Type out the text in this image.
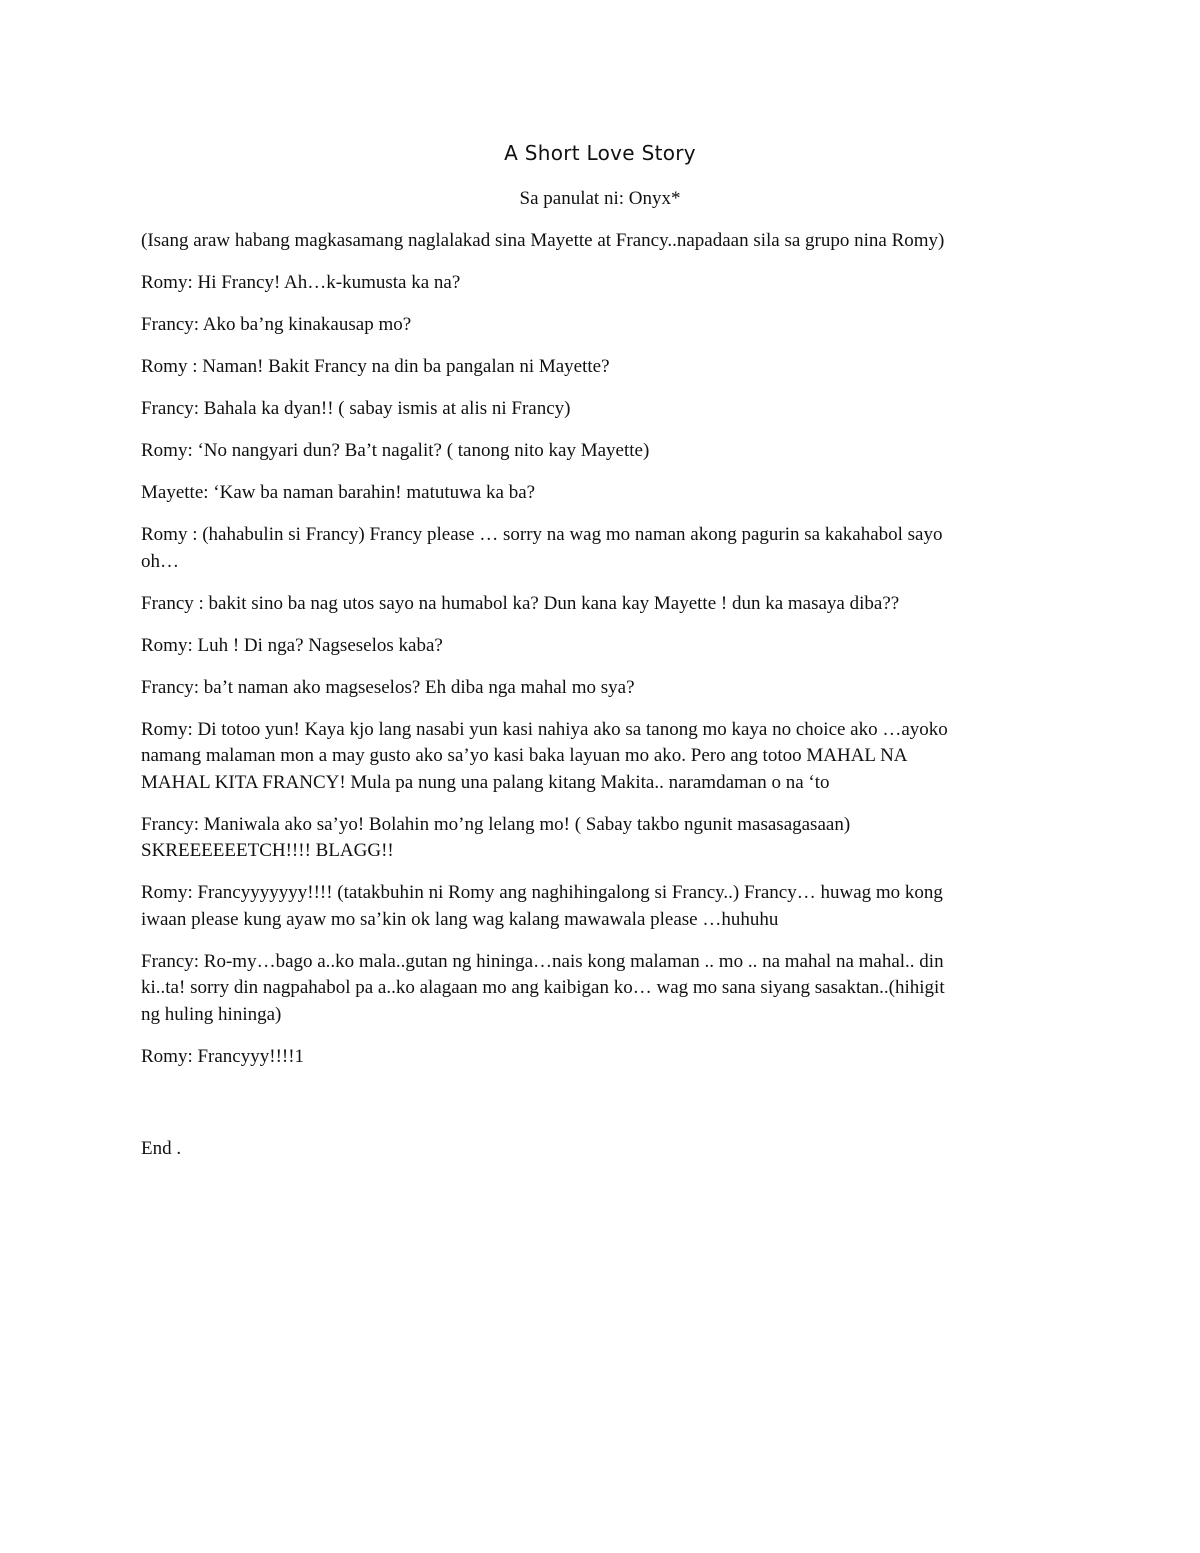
A Short Love Story

Sa panulat ni: Onyx*

(Isang araw habang magkasamang naglalakad sina Mayette at Francy..napadaan sila sa grupo nina Romy)

Romy: Hi Francy! Ah…k-kumusta ka na?

Francy: Ako ba’ng kinakausap mo?

Romy : Naman! Bakit Francy na din ba pangalan ni Mayette?

Francy: Bahala ka dyan!! ( sabay ismis at alis ni Francy)

Romy: ‘No nangyari dun? Ba’t nagalit? ( tanong nito kay Mayette)

Mayette: ‘Kaw ba naman barahin! matutuwa ka ba?

Romy : (hahabulin si Francy) Francy please … sorry na wag mo naman akong pagurin sa kakahabol sayo
oh…

Francy : bakit sino ba nag utos sayo na humabol ka? Dun kana kay Mayette ! dun ka masaya diba??

Romy: Luh ! Di nga? Nagseselos kaba?

Francy: ba’t naman ako magseselos? Eh diba nga mahal mo sya?

Romy: Di totoo yun! Kaya kjo lang nasabi yun kasi nahiya ako sa tanong mo kaya no choice ako …ayoko
namang malaman mon a may gusto ako sa’yo kasi baka layuan mo ako. Pero ang totoo MAHAL NA
MAHAL KITA FRANCY! Mula pa nung una palang kitang Makita.. naramdaman o na ‘to

Francy: Maniwala ako sa’yo! Bolahin mo’ng lelang mo! ( Sabay takbo ngunit masasagasaan)
SKREEEEEETCH!!!! BLAGG!!

Romy: Francyyyyyyy!!!! (tatakbuhin ni Romy ang naghihingalong si Francy..) Francy… huwag mo kong
iwaan please kung ayaw mo sa’kin ok lang wag kalang mawawala please …huhuhu

Francy: Ro-my…bago a..ko mala..gutan ng hininga…nais kong malaman .. mo .. na mahal na mahal.. din
ki..ta! sorry din nagpahabol pa a..ko alagaan mo ang kaibigan ko… wag mo sana siyang sasaktan..(hihigit
ng huling hininga)

Romy: Francyyy!!!!1

End .
